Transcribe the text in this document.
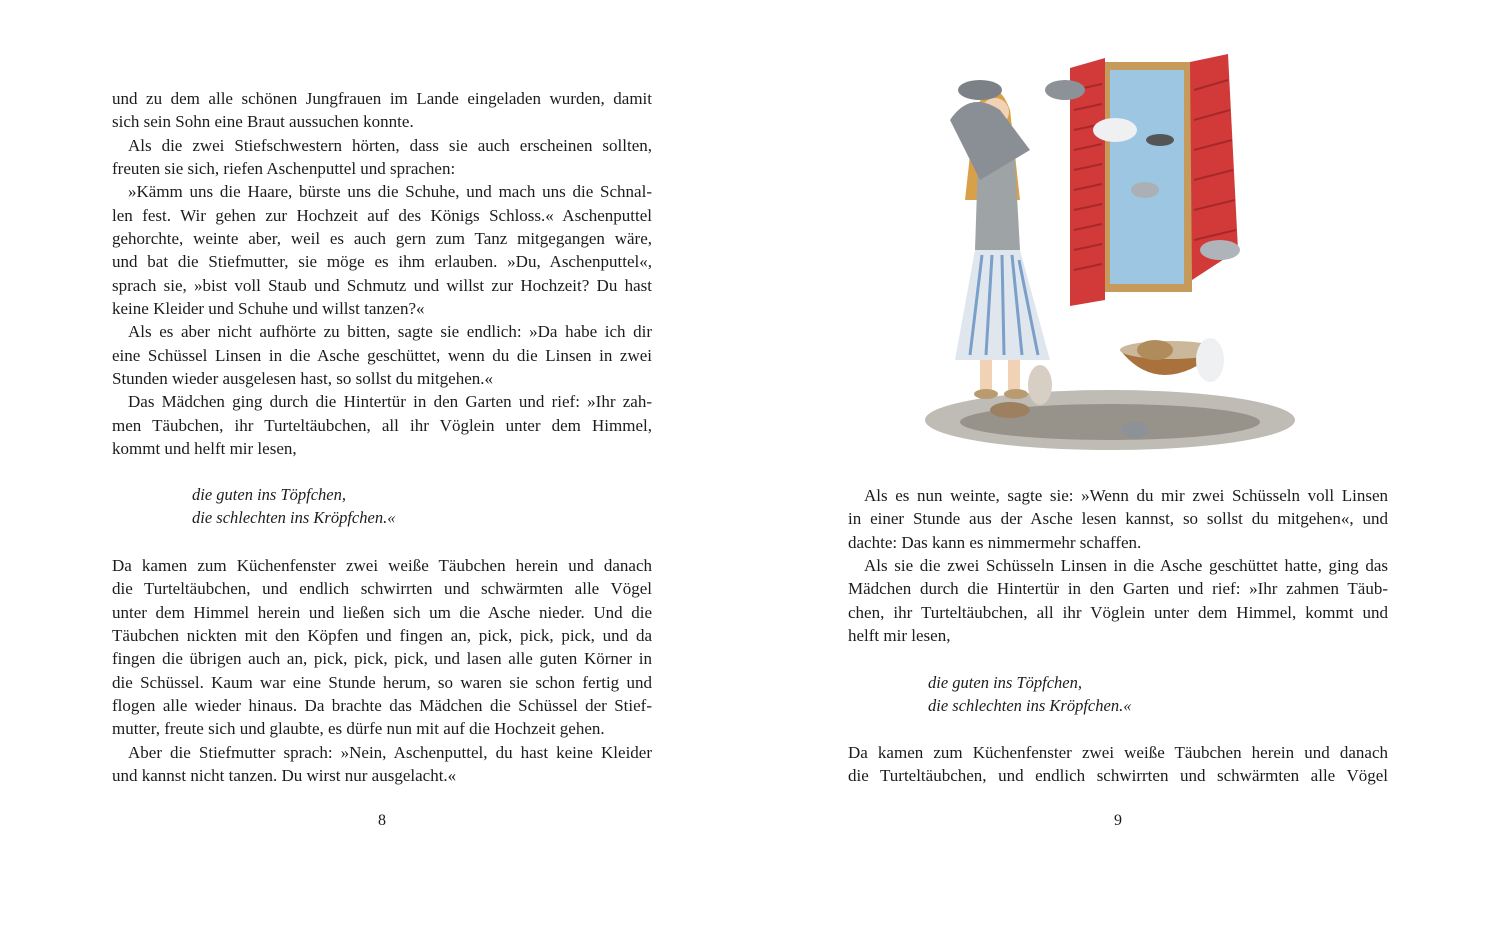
und zu dem alle schönen Jungfrauen im Lande eingeladen wurden, damit
sich sein Sohn eine Braut aussuchen konnte.
Als die zwei Stiefschwestern hörten, dass sie auch erscheinen sollten,
freuten sie sich, riefen Aschenputtel und sprachen:
»Kämm uns die Haare, bürste uns die Schuhe, und mach uns die Schnal-
len fest. Wir gehen zur Hochzeit auf des Königs Schloss.« Aschenputtel
gehorchte, weinte aber, weil es auch gern zum Tanz mitgegangen wäre,
und bat die Stiefmutter, sie möge es ihm erlauben. »Du, Aschenputtel«,
sprach sie, »bist voll Staub und Schmutz und willst zur Hochzeit? Du hast
keine Kleider und Schuhe und willst tanzen?«
Als es aber nicht aufhörte zu bitten, sagte sie endlich: »Da habe ich dir
eine Schüssel Linsen in die Asche geschüttet, wenn du die Linsen in zwei
Stunden wieder ausgelesen hast, so sollst du mitgehen.«
Das Mädchen ging durch die Hintertür in den Garten und rief: »Ihr zah-
men Täubchen, ihr Turteltäubchen, all ihr Vöglein unter dem Himmel,
kommt und helft mir lesen,
die guten ins Töpfchen,
die schlechten ins Kröpfchen.«
Da kamen zum Küchenfenster zwei weiße Täubchen herein und danach
die Turteltäubchen, und endlich schwirrten und schwärmten alle Vögel
unter dem Himmel herein und ließen sich um die Asche nieder. Und die
Täubchen nickten mit den Köpfen und fingen an, pick, pick, pick, und da
fingen die übrigen auch an, pick, pick, pick, und lasen alle guten Körner in
die Schüssel. Kaum war eine Stunde herum, so waren sie schon fertig und
flogen alle wieder hinaus. Da brachte das Mädchen die Schüssel der Stief-
mutter, freute sich und glaubte, es dürfe nun mit auf die Hochzeit gehen.
Aber die Stiefmutter sprach: »Nein, Aschenputtel, du hast keine Kleider
und kannst nicht tanzen. Du wirst nur ausgelacht.«
8
Als es nun weinte, sagte sie: »Wenn du mir zwei Schüsseln voll Linsen
in einer Stunde aus der Asche lesen kannst, so sollst du mitgehen«, und
dachte: Das kann es nimmermehr schaffen.
Als sie die zwei Schüsseln Linsen in die Asche geschüttet hatte, ging das
Mädchen durch die Hintertür in den Garten und rief: »Ihr zahmen Täub-
chen, ihr Turteltäubchen, all ihr Vöglein unter dem Himmel, kommt und
helft mir lesen,
die guten ins Töpfchen,
die schlechten ins Kröpfchen.«
Da kamen zum Küchenfenster zwei weiße Täubchen herein und danach
die Turteltäubchen, und endlich schwirrten und schwärmten alle Vögel
9
